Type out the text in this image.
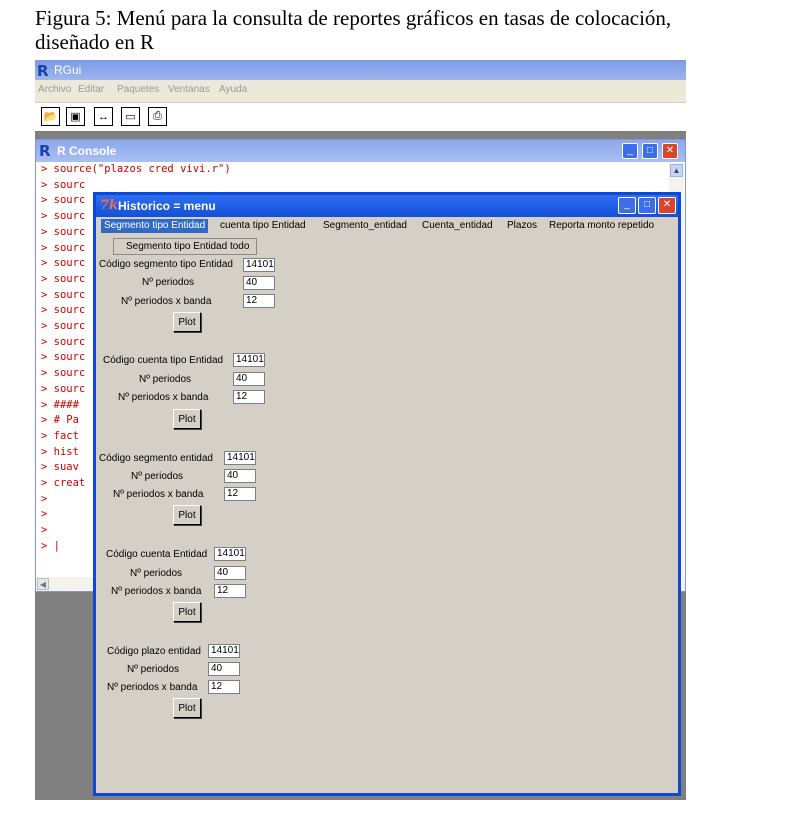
Figura 5: Menú para la consulta de reportes gráficos en tasas de colocación,
diseñado en R
R RGui
Archivo Editar Paquetes Ventanas Ayuda
📂	▣	↔	▭	⎙
R R Console	_	□	✕
> source("plazos cred vivi.r")
> sourc
> sourc
> sourc
> sourc
> sourc
> sourc
> sourc
> sourc
> sourc
> sourc
> sourc
> sourc
> sourc
> sourc
> ####
> # Pa
> fact
> hist
> suav
> creat
>
>
>
> |
▲
◀
7k Historico = menu	_	□	✕
Segmento tipo Entidad	cuenta tipo Entidad Segmento_entidad Cuenta_entidad Plazos Reporta monto repetido
Segmento tipo Entidad todo
Código segmento tipo Entidad	14101
Nº periodos	40
Nº periodos x banda	12
Plot
Código cuenta tipo Entidad	14101
Nº periodos	40
Nº periodos x banda	12
Plot
Código segmento entidad	14101
Nº periodos	40
Nº periodos x banda	12
Plot
Código cuenta Entidad 14101
Nº periodos	40
Nº periodos x banda	12
Plot
Código plazo entidad	14101
Nº periodos	40
Nº periodos x banda	12
Plot
